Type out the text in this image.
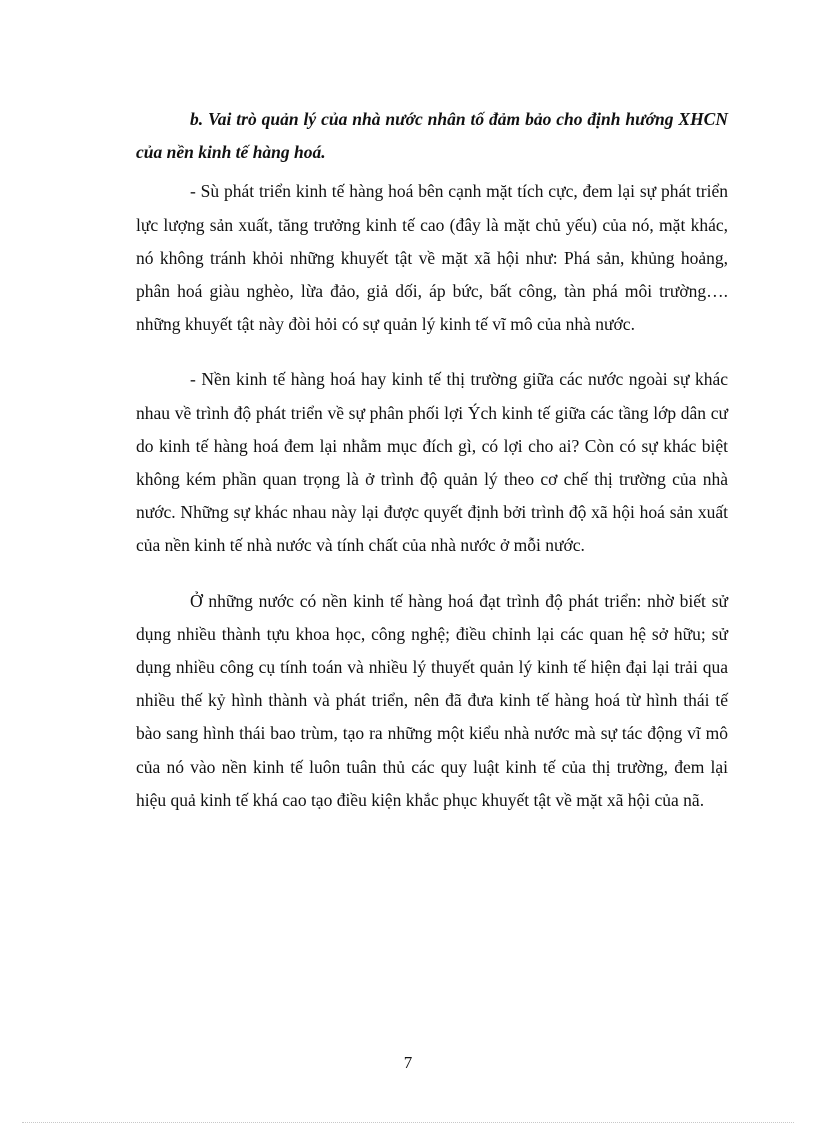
b. Vai trò quản lý của nhà nước nhân tố đảm bảo cho định hướng XHCN của nền kinh tế hàng hoá.

- Sù phát triển kinh tế hàng hoá bên cạnh mặt tích cực, đem lại sự phát triển lực lượng sản xuất, tăng trưởng kinh tế cao (đây là mặt chủ yếu) của nó, mặt khác, nó không tránh khỏi những khuyết tật về mặt xã hội như: Phá sản, khủng hoảng, phân hoá giàu nghèo, lừa đảo, giả dối, áp bức, bất công, tàn phá môi trường…. những khuyết tật này đòi hỏi có sự quản lý kinh tế vĩ mô của nhà nước.

- Nền kinh tế hàng hoá hay kinh tế thị trường giữa các nước ngoài sự khác nhau về trình độ phát triển về sự phân phối lợi Ých kinh tế giữa các tầng lớp dân cư do kinh tế hàng hoá đem lại nhằm mục đích gì, có lợi cho ai? Còn có sự khác biệt không kém phần quan trọng là ở trình độ quản lý theo cơ chế thị trường của nhà nước. Những sự khác nhau này lại được quyết định bởi trình độ xã hội hoá sản xuất của nền kinh tế nhà nước và tính chất của nhà nước ở mỗi nước.

Ở những nước có nền kinh tế hàng hoá đạt trình độ phát triển: nhờ biết sử dụng nhiều thành tựu khoa học, công nghệ; điều chỉnh lại các quan hệ sở hữu; sử dụng nhiều công cụ tính toán và nhiều lý thuyết quản lý kinh tế hiện đại lại trải qua nhiều thế kỷ hình thành và phát triển, nên đã đưa kinh tế hàng hoá từ hình thái tế bào sang hình thái bao trùm, tạo ra những một kiểu nhà nước mà sự tác động vĩ mô của nó vào nền kinh tế luôn tuân thủ các quy luật kinh tế của thị trường, đem lại hiệu quả kinh tế khá cao tạo điều kiện khắc phục khuyết tật về mặt xã hội của nã.

7
